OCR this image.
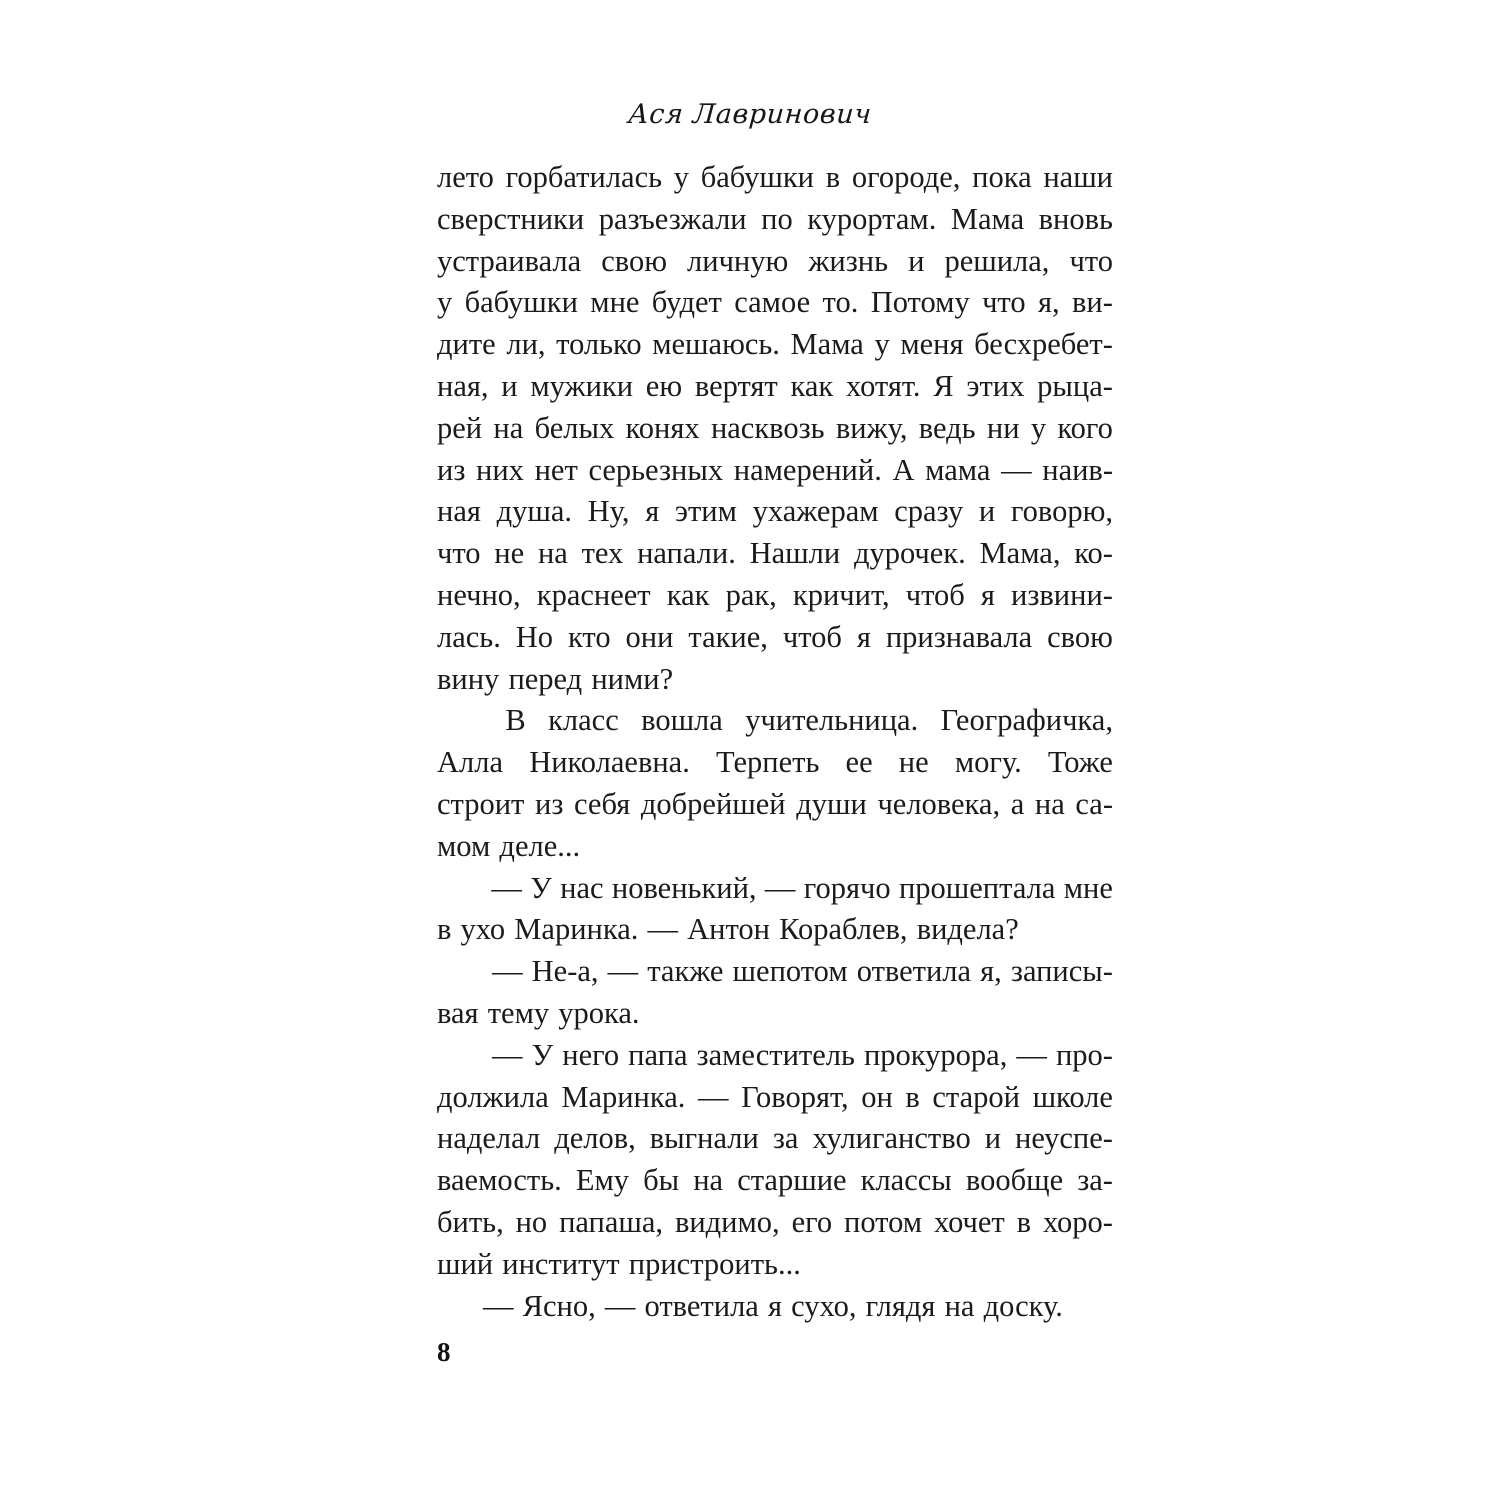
Ася Лавринович
лето горбатилась у бабушки в огороде, пока наши
сверстники разъезжали по курортам. Мама вновь
устраивала свою личную жизнь и решила, что
у бабушки мне будет самое то. Потому что я, ви-
дите ли, только мешаюсь. Мама у меня бесхребет-
ная, и мужики ею вертят как хотят. Я этих рыца-
рей на белых конях насквозь вижу, ведь ни у кого
из них нет серьезных намерений. А мама — наив-
ная душа. Ну, я этим ухажерам сразу и говорю,
что не на тех напали. Нашли дурочек. Мама, ко-
нечно, краснеет как рак, кричит, чтоб я извини-
лась. Но кто они такие, чтоб я признавала свою
вину перед ними?
В класс вошла учительница. Географичка,
Алла Николаевна. Терпеть ее не могу. Тоже
строит из себя добрейшей души человека, а на са-
мом деле...
— У нас новенький, — горячо прошептала мне
в ухо Маринка. — Антон Кораблев, видела?
— Не-а, — также шепотом ответила я, записы-
вая тему урока.
— У него папа заместитель прокурора, — про-
должила Маринка. — Говорят, он в старой школе
наделал делов, выгнали за хулиганство и неуспе-
ваемость. Ему бы на старшие классы вообще за-
бить, но папаша, видимо, его потом хочет в хоро-
ший институт пристроить...
— Ясно, — ответила я сухо, глядя на доску.
8
